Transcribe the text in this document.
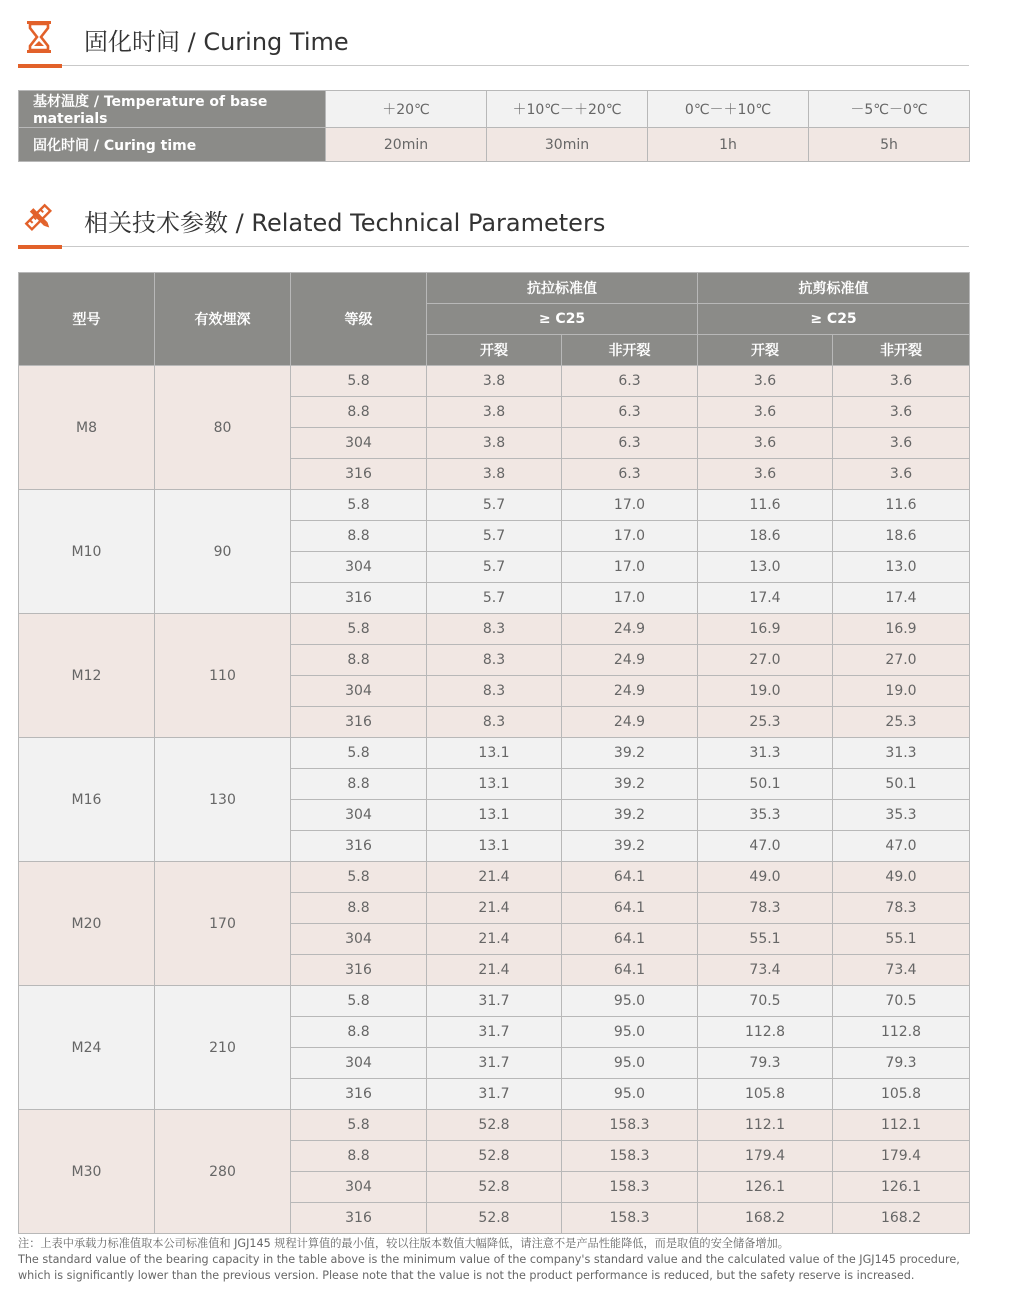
固化时间 / Curing Time
基材温度 / Temperature of base materials	＋20℃	＋10℃－＋20℃	0℃－＋10℃	－5℃－0℃
固化时间 / Curing time	20min	30min	1h	5h
相关技术参数 / Related Technical Parameters
型号	有效埋深	等级	抗拉标准值		抗剪标准值	
			≥ C25		≥ C25	
			开裂	非开裂	开裂	非开裂
M8	80	5.8	3.8	6.3	3.6	3.6
		8.8	3.8	6.3	3.6	3.6
		304	3.8	6.3	3.6	3.6
		316	3.8	6.3	3.6	3.6
M10	90	5.8	5.7	17.0	11.6	11.6
		8.8	5.7	17.0	18.6	18.6
		304	5.7	17.0	13.0	13.0
		316	5.7	17.0	17.4	17.4
M12	110	5.8	8.3	24.9	16.9	16.9
		8.8	8.3	24.9	27.0	27.0
		304	8.3	24.9	19.0	19.0
		316	8.3	24.9	25.3	25.3
M16	130	5.8	13.1	39.2	31.3	31.3
		8.8	13.1	39.2	50.1	50.1
		304	13.1	39.2	35.3	35.3
		316	13.1	39.2	47.0	47.0
M20	170	5.8	21.4	64.1	49.0	49.0
		8.8	21.4	64.1	78.3	78.3
		304	21.4	64.1	55.1	55.1
		316	21.4	64.1	73.4	73.4
M24	210	5.8	31.7	95.0	70.5	70.5
		8.8	31.7	95.0	112.8	112.8
		304	31.7	95.0	79.3	79.3
		316	31.7	95.0	105.8	105.8
M30	280	5.8	52.8	158.3	112.1	112.1
		8.8	52.8	158.3	179.4	179.4
		304	52.8	158.3	126.1	126.1
		316	52.8	158.3	168.2	168.2
注：上表中承载力标准值取本公司标准值和 JGJ145 规程计算值的最小值，较以往版本数值大幅降低，请注意不是产品性能降低，而是取值的安全储备增加。
The standard value of the bearing capacity in the table above is the minimum value of the company's standard value and the calculated value of the JGJ145 procedure, which is significantly lower than the previous version. Please note that the value is not the product performance is reduced, but the safety reserve is increased.
